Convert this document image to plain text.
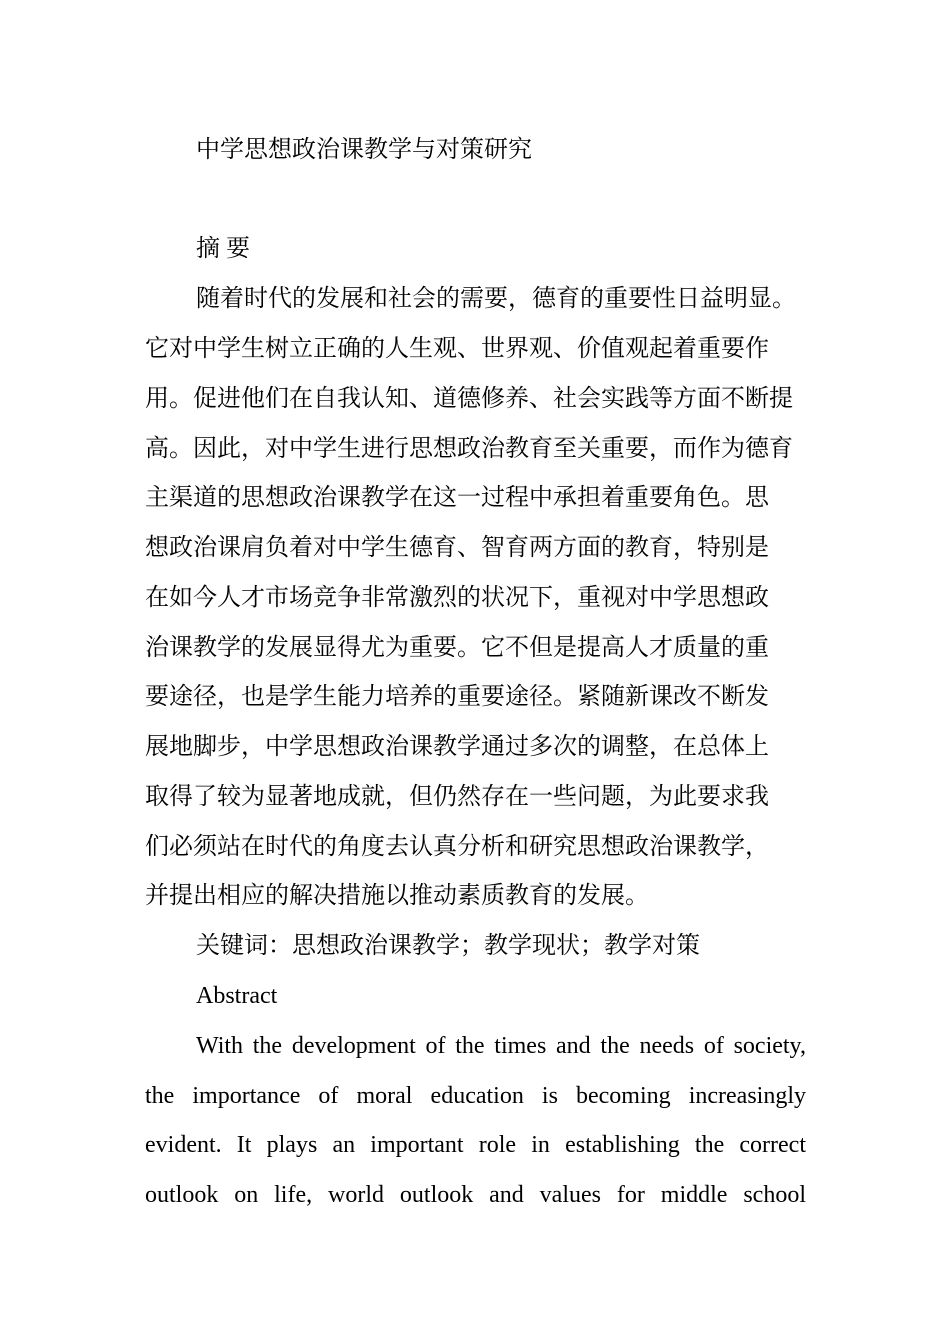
中学思想政治课教学与对策研究

摘 要

随着时代的发展和社会的需要，德育的重要性日益明显。

它对中学生树立正确的人生观、世界观、价值观起着重要作

用。促进他们在自我认知、道德修养、社会实践等方面不断提

高。因此，对中学生进行思想政治教育至关重要，而作为德育

主渠道的思想政治课教学在这一过程中承担着重要角色。思

想政治课肩负着对中学生德育、智育两方面的教育，特别是

在如今人才市场竞争非常激烈的状况下，重视对中学思想政

治课教学的发展显得尤为重要。它不但是提高人才质量的重

要途径，也是学生能力培养的重要途径。紧随新课改不断发

展地脚步，中学思想政治课教学通过多次的调整，在总体上

取得了较为显著地成就，但仍然存在一些问题，为此要求我

们必须站在时代的角度去认真分析和研究思想政治课教学，

并提出相应的解决措施以推动素质教育的发展。

关键词：思想政治课教学；教学现状；教学对策

Abstract

With the development of the times and the needs of society,

the importance of moral education is becoming increasingly

evident. It plays an important role in establishing the correct

outlook on life, world outlook and values for middle school
